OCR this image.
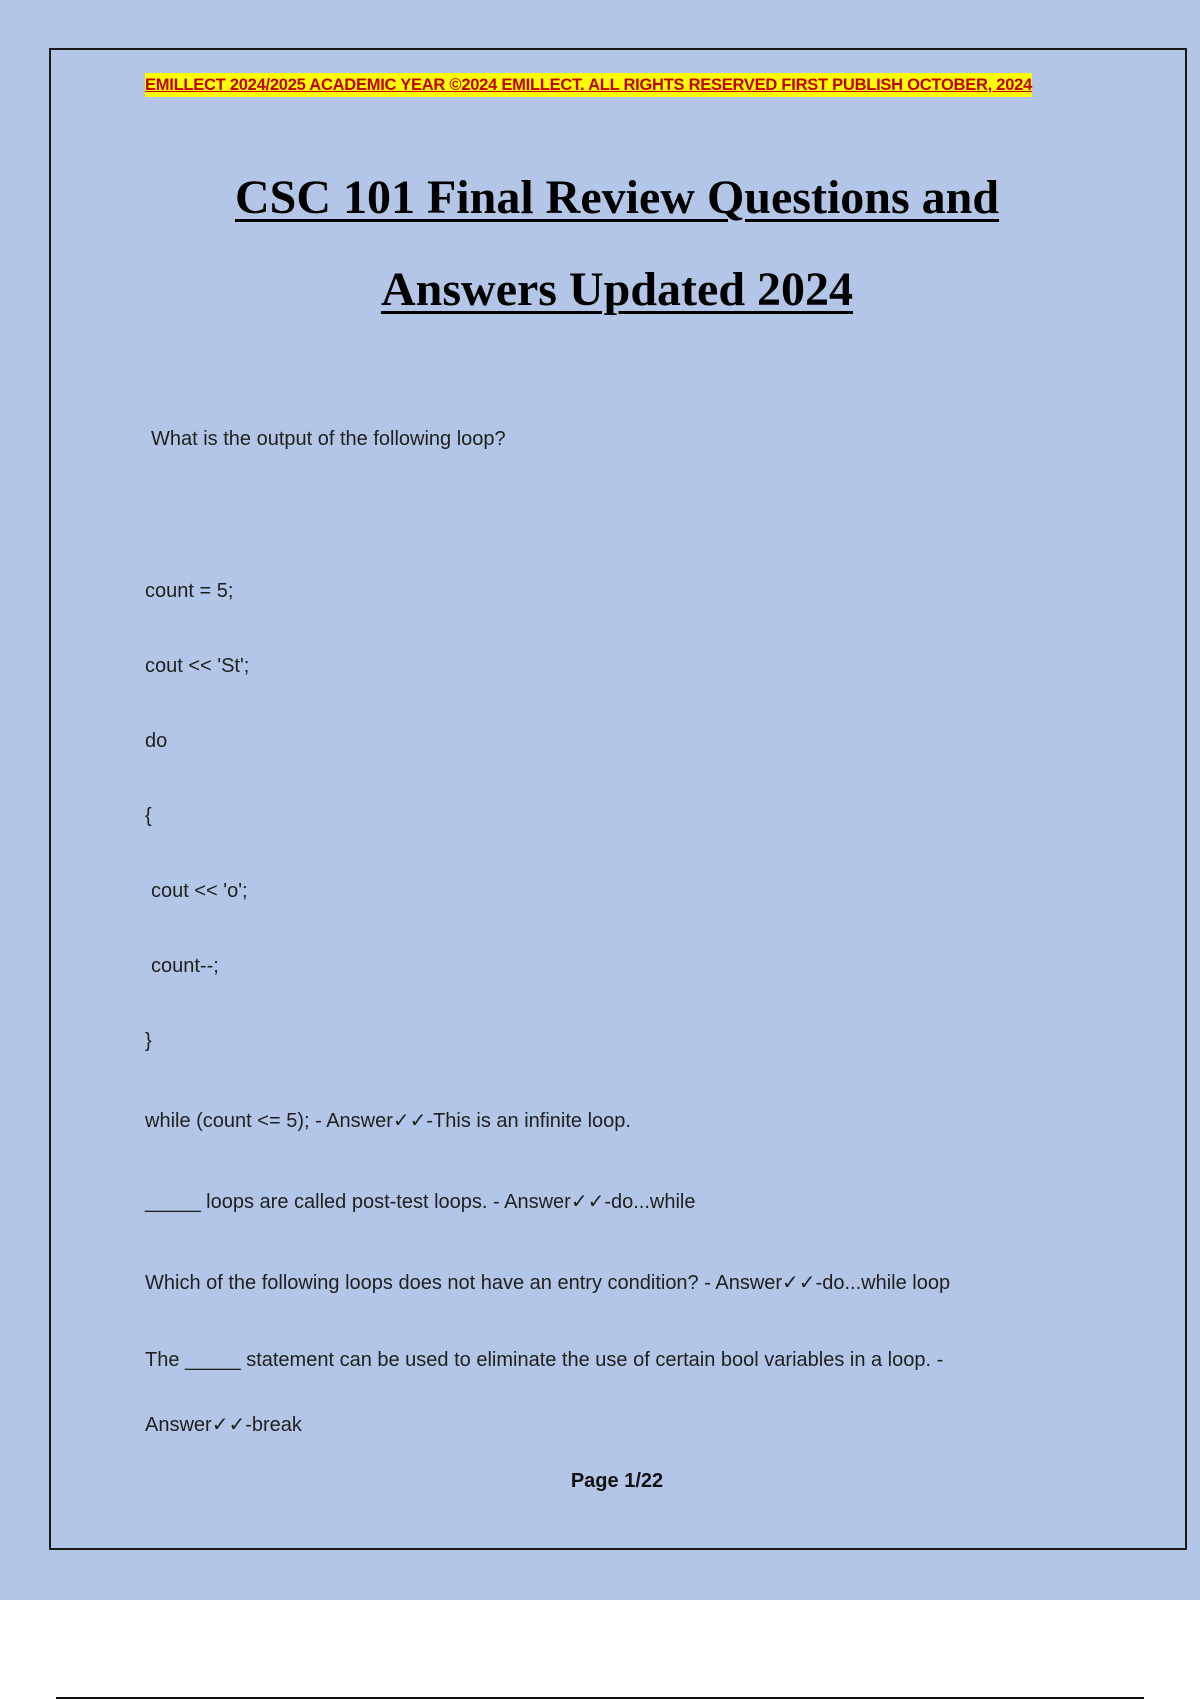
EMILLECT 2024/2025 ACADEMIC YEAR ©2024 EMILLECT. ALL RIGHTS RESERVED FIRST PUBLISH OCTOBER, 2024
CSC 101 Final Review Questions and
Answers Updated 2024
What is the output of the following loop?
count = 5;
cout << 'St';
do
{
cout << 'o';
count--;
}
while (count <= 5); - Answer✓✓-This is an infinite loop.
_____ loops are called post-test loops. - Answer✓✓-do...while
Which of the following loops does not have an entry condition? - Answer✓✓-do...while loop
The _____ statement can be used to eliminate the use of certain bool variables in a loop. -
Answer✓✓-break
Page 1/22
